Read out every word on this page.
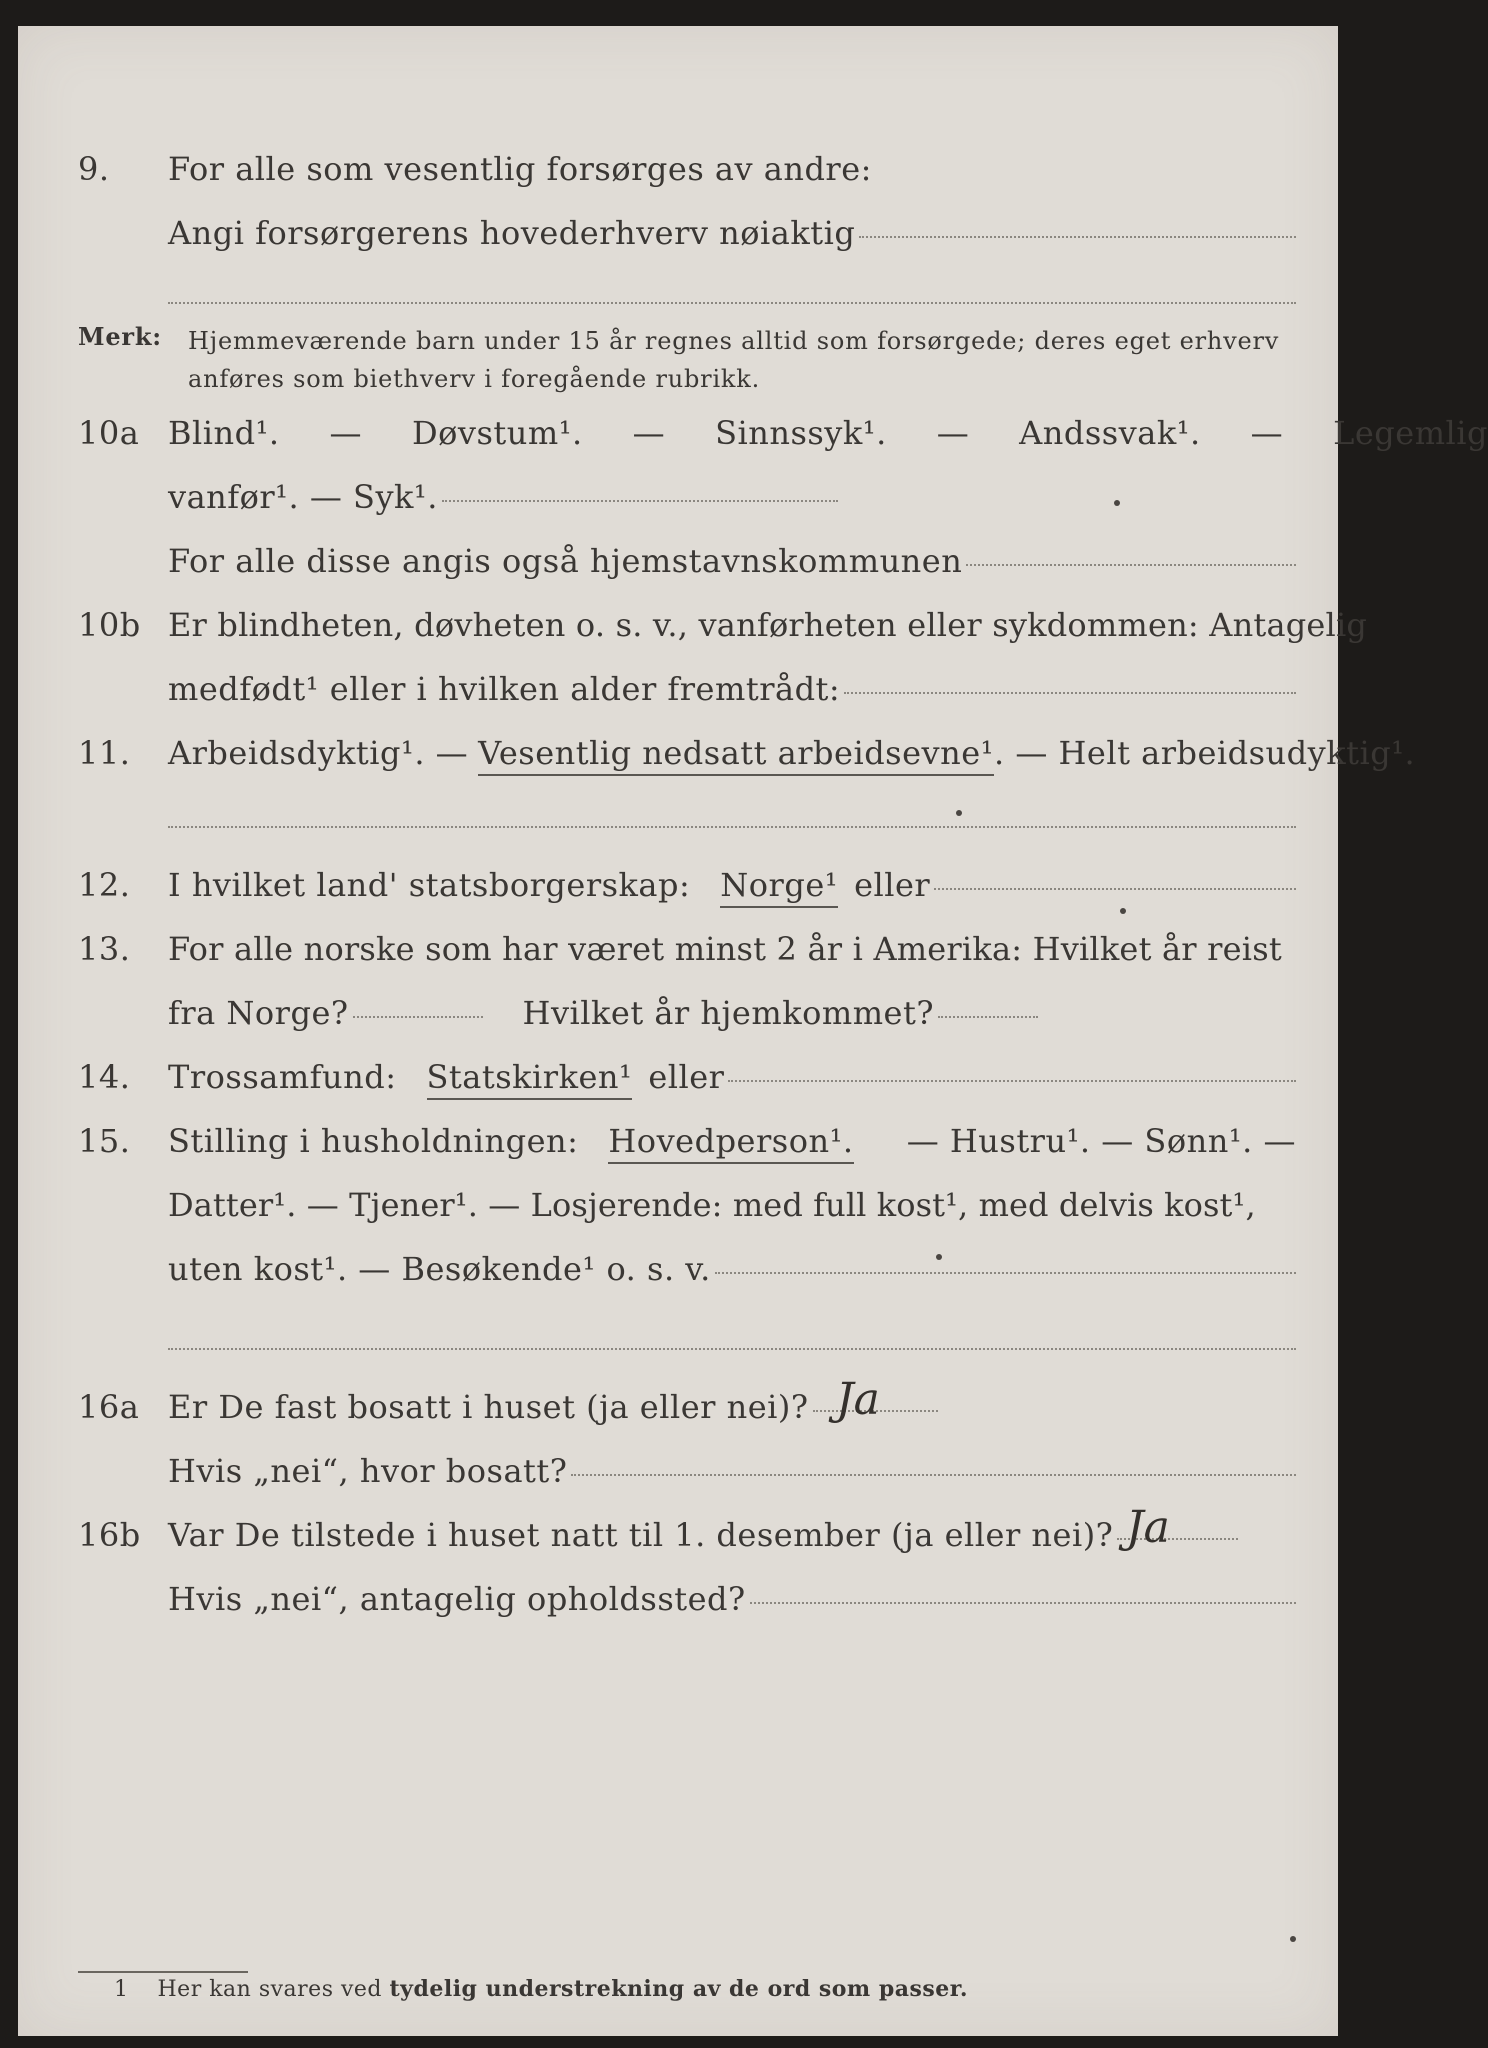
9. For alle som vesentlig forsørges av andre:
Angi forsørgerens hovederhverv nøiaktig
Merk: Hjemmeværende barn under 15 år regnes alltid som forsørgede; deres eget erhverv anføres som biethverv i foregående rubrikk.
10a Blind¹. — Døvstum¹. — Sinnssyk¹. — Andssvak¹. — Legemlig
vanfør¹. — Syk¹.
For alle disse angis også hjemstavnskommunen
10b Er blindheten, døvheten o. s. v., vanførheten eller sykdommen: Antagelig
medfødt¹ eller i hvilken alder fremtrådt:
11. Arbeidsdyktig¹. — Vesentlig nedsatt arbeidsevne¹ . — Helt arbeidsudyktig¹.
12. I hvilket land' statsborgerskap: Norge¹ eller
13. For alle norske som har været minst 2 år i Amerika: Hvilket år reist
fra Norge?	Hvilket år hjemkommet?
14. Trossamfund: Statskirken¹ eller
15. Stilling i husholdningen: Hovedperson¹. — Hustru¹. — Sønn¹. —
Datter¹. — Tjener¹. — Losjerende: med full kost¹, med delvis kost¹,
uten kost¹. — Besøkende¹ o. s. v.
16a Er De fast bosatt i huset (ja eller nei)? Ja
Hvis „nei“, hvor bosatt?
16b Var De tilstede i huset natt til 1. desember (ja eller nei)? Ja
Hvis „nei“, antagelig opholdssted?
1 Her kan svares ved tydelig understrekning av de ord som passer.
